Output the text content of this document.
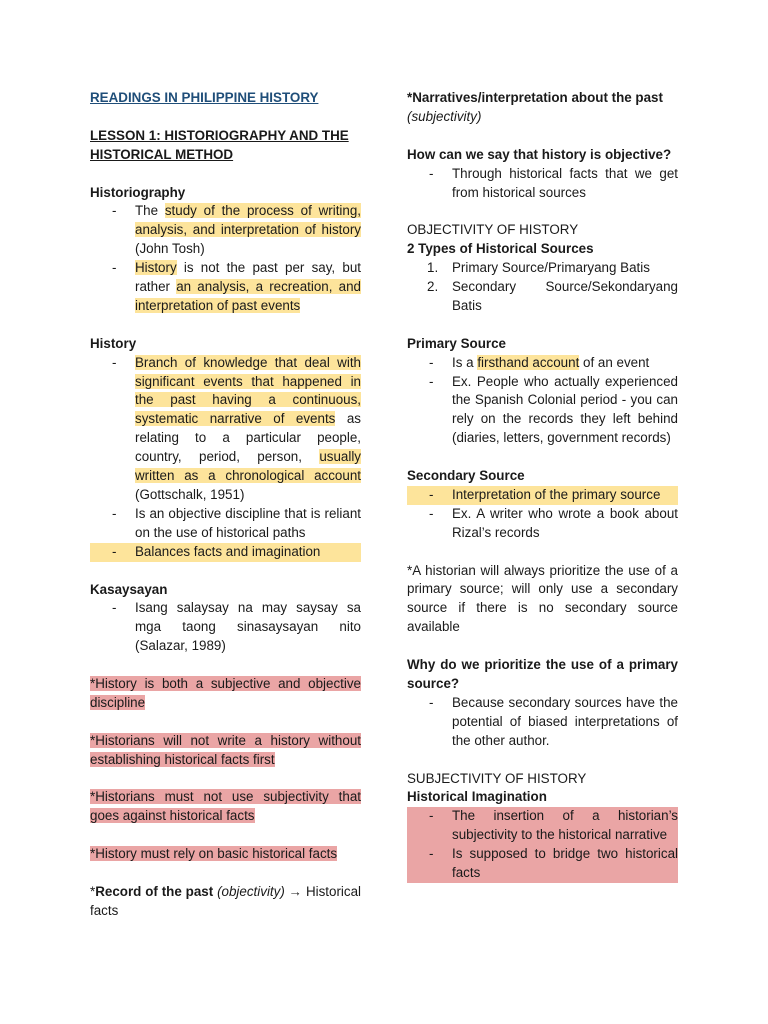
READINGS IN PHILIPPINE HISTORY

LESSON 1: HISTORIOGRAPHY AND THE HISTORICAL METHOD

Historiography

- The study of the process of writing, analysis, and interpretation of history (John Tosh)
- History is not the past per say, but rather an analysis, a recreation, and interpretation of past events

History

- Branch of knowledge that deal with significant events that happened in the past having a continuous, systematic narrative of events as relating to a particular people, country, period, person, usually written as a chronological account (Gottschalk, 1951)
- Is an objective discipline that is reliant on the use of historical paths
- Balances facts and imagination

Kasaysayan

- Isang salaysay na may saysay sa mga taong sinasaysayan nito (Salazar, 1989)

*History is both a subjective and objective discipline

*Historians will not write a history without establishing historical facts first

*Historians must not use subjectivity that goes against historical facts

*History must rely on basic historical facts

*Record of the past (objectivity) → Historical facts

*Narratives/interpretation about the past

(subjectivity)

How can we say that history is objective?

- Through historical facts that we get from historical sources

OBJECTIVITY OF HISTORY

2 Types of Historical Sources

1. Primary Source/Primaryang Batis
2. Secondary Source/Sekondaryang Batis

Primary Source

- Is a firsthand account of an event
- Ex. People who actually experienced the Spanish Colonial period - you can rely on the records they left behind (diaries, letters, government records)

Secondary Source

- Interpretation of the primary source
- Ex. A writer who wrote a book about Rizal’s records

*A historian will always prioritize the use of a primary source; will only use a secondary source if there is no secondary source available

Why do we prioritize the use of a primary source?

- Because secondary sources have the potential of biased interpretations of the other author.

SUBJECTIVITY OF HISTORY

Historical Imagination

- The insertion of a historian’s subjectivity to the historical narrative
- Is supposed to bridge two historical facts
